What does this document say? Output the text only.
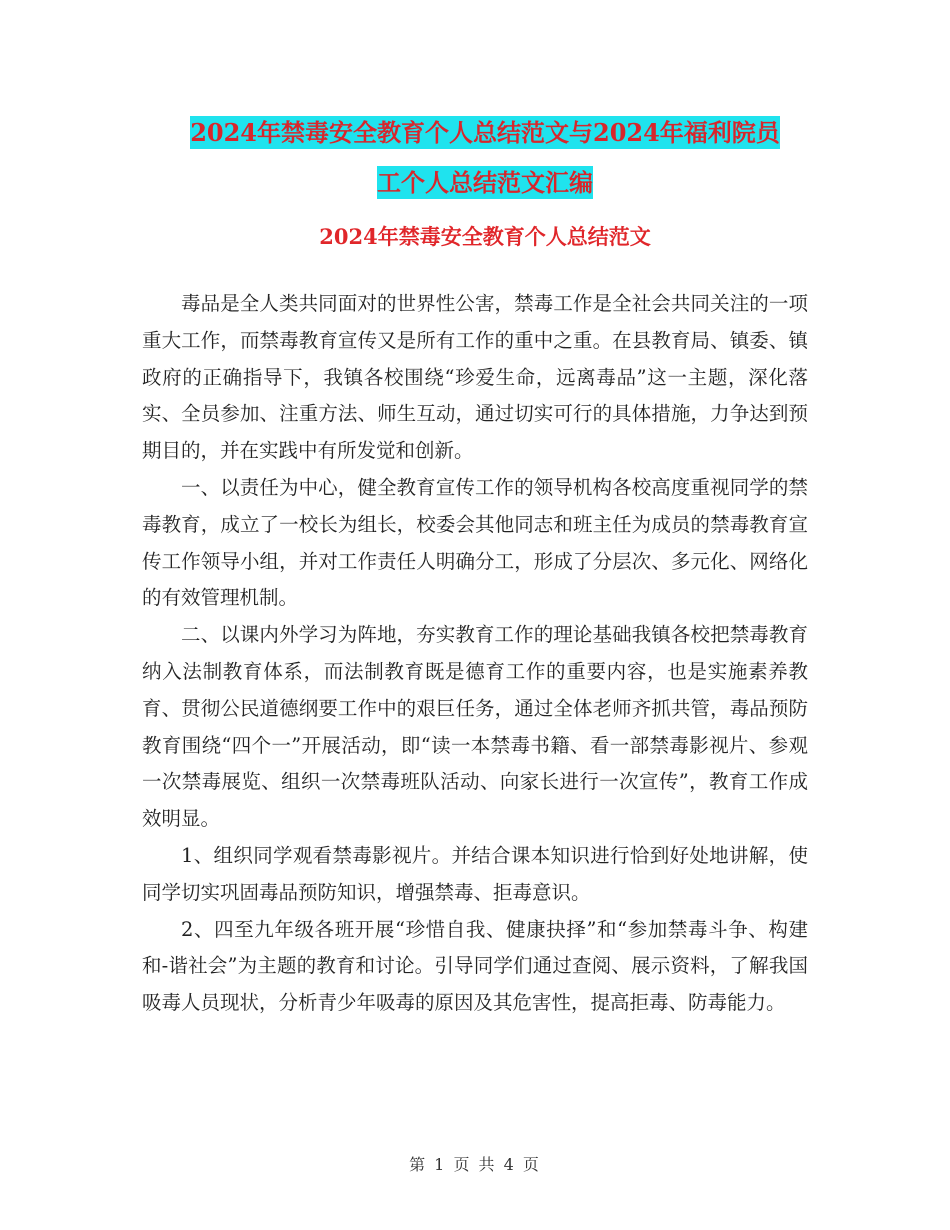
2024年禁毒安全教育个人总结范文与2024年福利院员
工个人总结范文汇编
2024年禁毒安全教育个人总结范文

毒品是全人类共同面对的世界性公害，禁毒工作是全社会共同关注的一项重大工作，而禁毒教育宣传又是所有工作的重中之重。在县教育局、镇委、镇政府的正确指导下，我镇各校围绕“珍爱生命，远离毒品”这一主题，深化落实、全员参加、注重方法、师生互动，通过切实可行的具体措施，力争达到预期目的，并在实践中有所发觉和创新。

一、以责任为中心，健全教育宣传工作的领导机构各校高度重视同学的禁毒教育，成立了一校长为组长，校委会其他同志和班主任为成员的禁毒教育宣传工作领导小组，并对工作责任人明确分工，形成了分层次、多元化、网络化的有效管理机制。

二、以课内外学习为阵地，夯实教育工作的理论基础我镇各校把禁毒教育纳入法制教育体系，而法制教育既是德育工作的重要内容，也是实施素养教育、贯彻公民道德纲要工作中的艰巨任务，通过全体老师齐抓共管，毒品预防教育围绕“四个一”开展活动，即“读一本禁毒书籍、看一部禁毒影视片、参观一次禁毒展览、组织一次禁毒班队活动、向家长进行一次宣传”，教育工作成效明显。

1、组织同学观看禁毒影视片。并结合课本知识进行恰到好处地讲解，使同学切实巩固毒品预防知识，增强禁毒、拒毒意识。

2、四至九年级各班开展“珍惜自我、健康抉择”和“参加禁毒斗争、构建和-谐社会”为主题的教育和讨论。引导同学们通过查阅、展示资料，了解我国吸毒人员现状，分析青少年吸毒的原因及其危害性，提高拒毒、防毒能力。

第 1 页 共 4 页
